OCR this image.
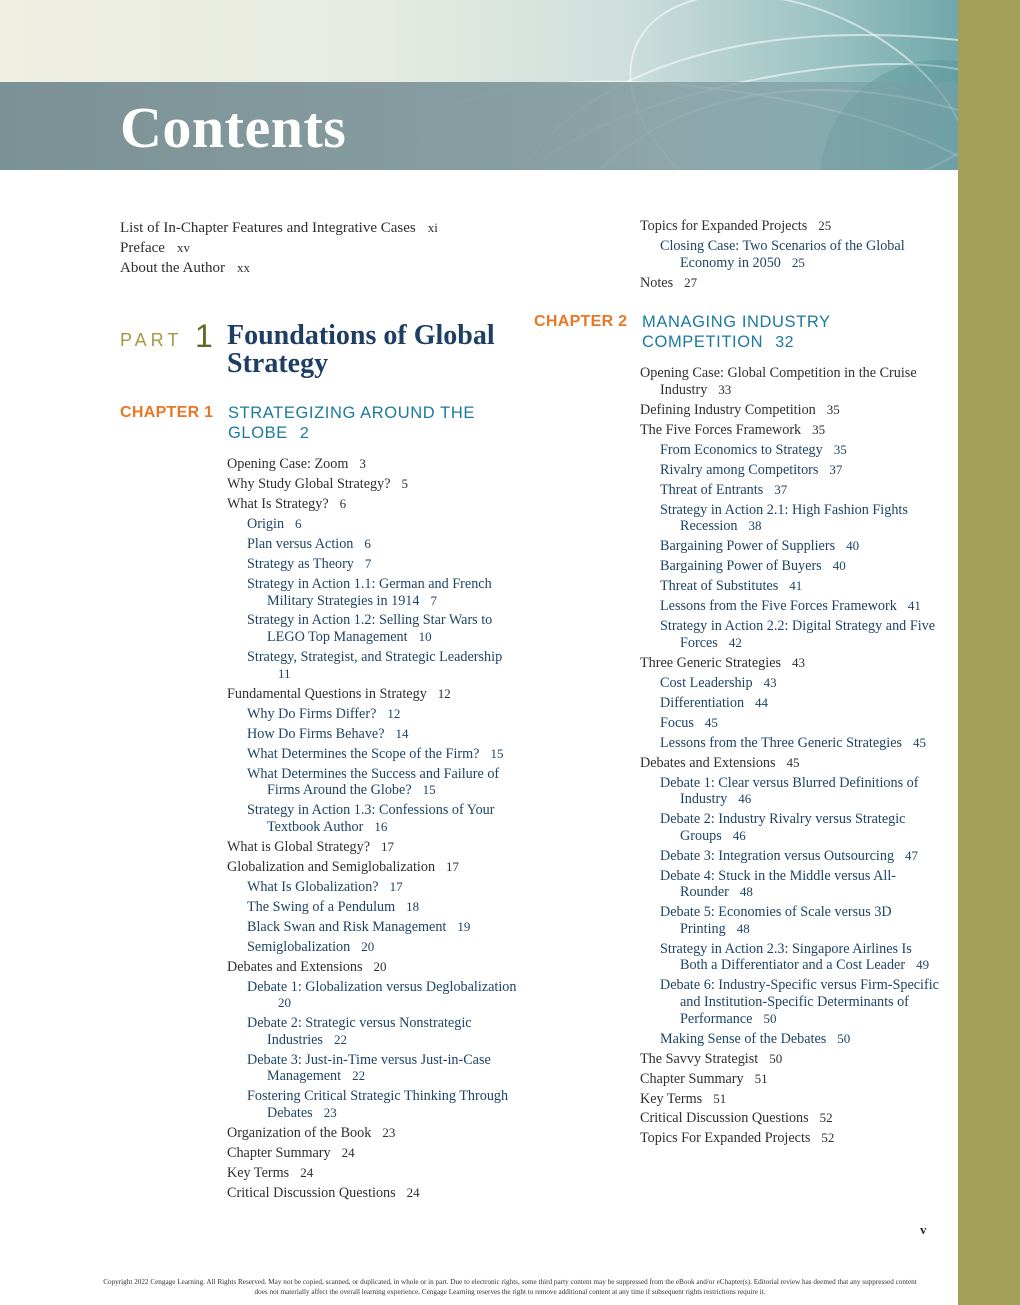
Contents
List of In-Chapter Features and Integrative Cases xi
Preface xv
About the Author xx
PART 1 Foundations of Global Strategy
CHAPTER 1 STRATEGIZING AROUND THE GLOBE 2
Opening Case: Zoom 3
Why Study Global Strategy? 5
What Is Strategy? 6
Origin 6
Plan versus Action 6
Strategy as Theory 7
Strategy in Action 1.1: German and French Military Strategies in 1914 7
Strategy in Action 1.2: Selling Star Wars to LEGO Top Management 10
Strategy, Strategist, and Strategic Leadership11
Fundamental Questions in Strategy 12
Why Do Firms Differ? 12
How Do Firms Behave? 14
What Determines the Scope of the Firm? 15
What Determines the Success and Failure of Firms Around the Globe? 15
Strategy in Action 1.3: Confessions of Your Textbook Author 16
What is Global Strategy? 17
Globalization and Semiglobalization 17
What Is Globalization? 17
The Swing of a Pendulum 18
Black Swan and Risk Management 19
Semiglobalization 20
Debates and Extensions 20
Debate 1: Globalization versus Deglobalization20
Debate 2: Strategic versus Nonstrategic Industries 22
Debate 3: Just-in-Time versus Just-in-Case Management 22
Fostering Critical Strategic Thinking Through Debates 23
Organization of the Book 23
Chapter Summary 24
Key Terms 24
Critical Discussion Questions 24
Topics for Expanded Projects 25
Closing Case: Two Scenarios of the Global Economy in 2050 25
Notes 27
CHAPTER 2 MANAGING INDUSTRY COMPETITION 32
Opening Case: Global Competition in the Cruise Industry 33
Defining Industry Competition 35
The Five Forces Framework 35
From Economics to Strategy 35
Rivalry among Competitors 37
Threat of Entrants 37
Strategy in Action 2.1: High Fashion Fights Recession 38
Bargaining Power of Suppliers 40
Bargaining Power of Buyers 40
Threat of Substitutes 41
Lessons from the Five Forces Framework 41
Strategy in Action 2.2: Digital Strategy and Five Forces 42
Three Generic Strategies 43
Cost Leadership 43
Differentiation 44
Focus 45
Lessons from the Three Generic Strategies 45
Debates and Extensions 45
Debate 1: Clear versus Blurred Definitions of Industry 46
Debate 2: Industry Rivalry versus Strategic Groups 46
Debate 3: Integration versus Outsourcing 47
Debate 4: Stuck in the Middle versus All-Rounder 48
Debate 5: Economies of Scale versus 3D Printing 48
Strategy in Action 2.3: Singapore Airlines Is Both a Differentiator and a Cost Leader 49
Debate 6: Industry-Specific versus Firm-Specific and Institution-Specific Determinants of Performance 50
Making Sense of the Debates 50
The Savvy Strategist 50
Chapter Summary 51
Key Terms 51
Critical Discussion Questions 52
Topics For Expanded Projects 52
v
Copyright 2022 Cengage Learning. All Rights Reserved. May not be copied, scanned, or duplicated, in whole or in part. Due to electronic rights, some third party content may be suppressed from the eBook and/or eChapter(s). Editorial review has deemed that any suppressed content does not materially affect the overall learning experience. Cengage Learning reserves the right to remove additional content at any time if subsequent rights restrictions require it.
